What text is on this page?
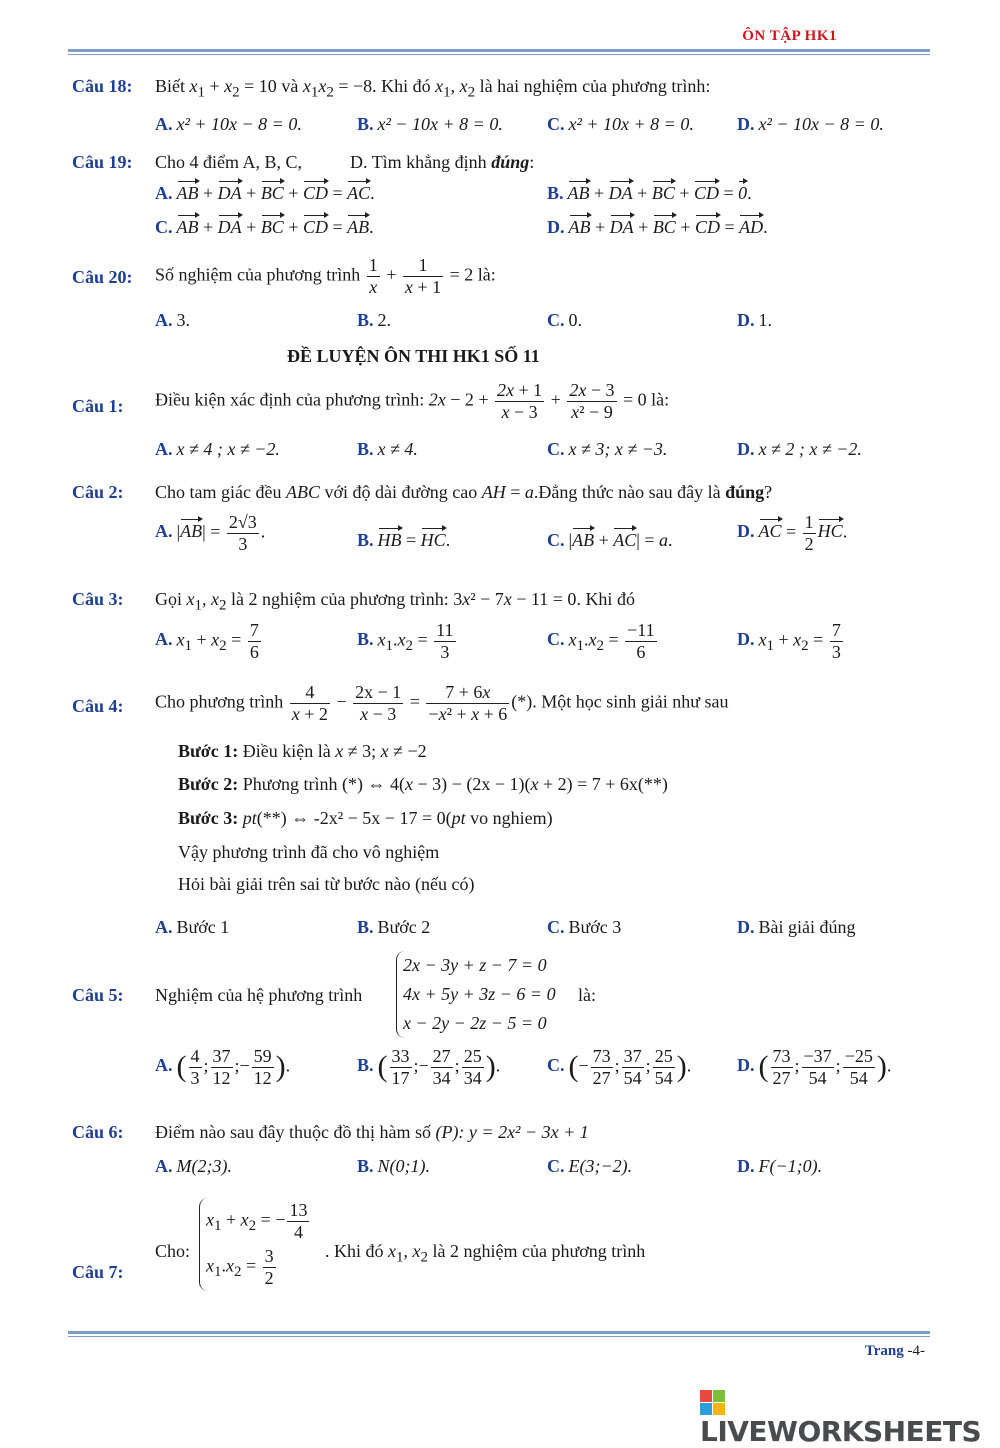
ÔN TẬP HK1
Câu 18: Biết $x_1 + x_2 = 10$ và $x_1x_2 = -8$. Khi đó $x_1$, $x_2$ là hai nghiệm của phương trình:
A. x² + 10x − 8 = 0.	B. x² − 10x + 8 = 0. C. x² + 10x + 8 = 0. D. x² − 10x − 8 = 0.
Câu 19: Cho 4 điểm A, B, C,	D. Tìm khẳng định đúng:
A. AB + DA + BC + CD = AC.	B. AB + DA + BC + CD = 0.
C. AB + DA + BC + CD = AB.	D. AB + DA + BC + CD = AD.
Câu 20: Số nghiệm của phương trình $\frac{1}{x} + \frac{1}{x + 1} = 2$ là:
A. 3.	B. 2.	C. 0.	D. 1.
ĐỀ LUYỆN ÔN THI HK1 SỐ 11
Câu 1: Điều kiện xác định của phương trình: $2x - 2 + \frac{2x + 1}{x - 3} + \frac{2x - 3}{\text{x² − 9}} = 0$ là:
A. x ≠ 4 ; x ≠ −2.	B. x ≠ 4.	C. x ≠ 3; x ≠ −3.	D. x ≠ 2 ; x ≠ −2.
Câu 2: Cho tam giác đều ABC với độ dài đường cao AH = a.Đẳng thức nào sau đây là đúng?
A. $|AB| = \frac{2√3}{3}$ .	B. HB = HC.	C. |AB + AC| = a.	D. AC = $\frac{1}{2}$ HC.
Câu 3: Gọi $x_1$, $x_2$ là 2 nghiệm của phương trình: 3x² − 7x − 11 = 0. Khi đó
A. $x_1 + x_2 = \frac{7}{6}$	B. $x_1.x_2 = \frac{11}{3}$	C. $x_1.x_2 = \frac{-11}{6}$	D. $x_1 + x_2 = \frac{7}{3}$
Câu 4: Cho phương trình $\frac{4}{x + 2} - \frac{2x - 1}{x - 3} = \frac{7 + 6x}{\text{−x² + x + 6}}$ (*). Một học sinh giải như sau
Bước 1: Điều kiện là x ≠ 3; x ≠ −2
Bước 2: Phương trình (*) ⇔ 4(x − 3) − (2x − 1)(x + 2) = 7 + 6x(**)
Bước 3: pt(**) ⇔ -2x² − 5x − 17 = 0(pt vo nghiem)
Vậy phương trình đã cho vô nghiệm
Hỏi bài giải trên sai từ bước nào (nếu có)
A. Bước 1	B. Bước 2	C. Bước 3	D. Bài giải đúng
Câu 5: Nghiệm của hệ phương trình
2x − 3y + z − 7 = 0
4x + 5y + 3z − 6 = 0
x − 2y − 2z − 5 = 0
là:
A. ( $\frac{4}{3}$ ; $\frac{37}{12}$ ;− $\frac{59}{12}$ ).	B. ( $\frac{33}{17}$ ;− $\frac{27}{34}$ ; $\frac{25}{34}$ ).	C. (− $\frac{73}{27}$ ; $\frac{37}{54}$ ; $\frac{25}{54}$ ).	D. ( $\frac{73}{27}$ ; $\frac{-37}{54}$ ; $\frac{-25}{54}$ ).
Câu 6: Điểm nào sau đây thuộc đồ thị hàm số (P): y = 2x² − 3x + 1
A. M(2;3).	B. N(0;1).	C. E(3;−2).	D. F(−1;0).
Câu 7:
Cho:
$x_1 + x_2$ = − $\frac{13}{4}$
$x_1.x_2 = \frac{3}{2}$	. Khi đó $x_1$, $x_2$ là 2 nghiệm của phương trình
Trang -4-
LIVEWORKSHEETS
